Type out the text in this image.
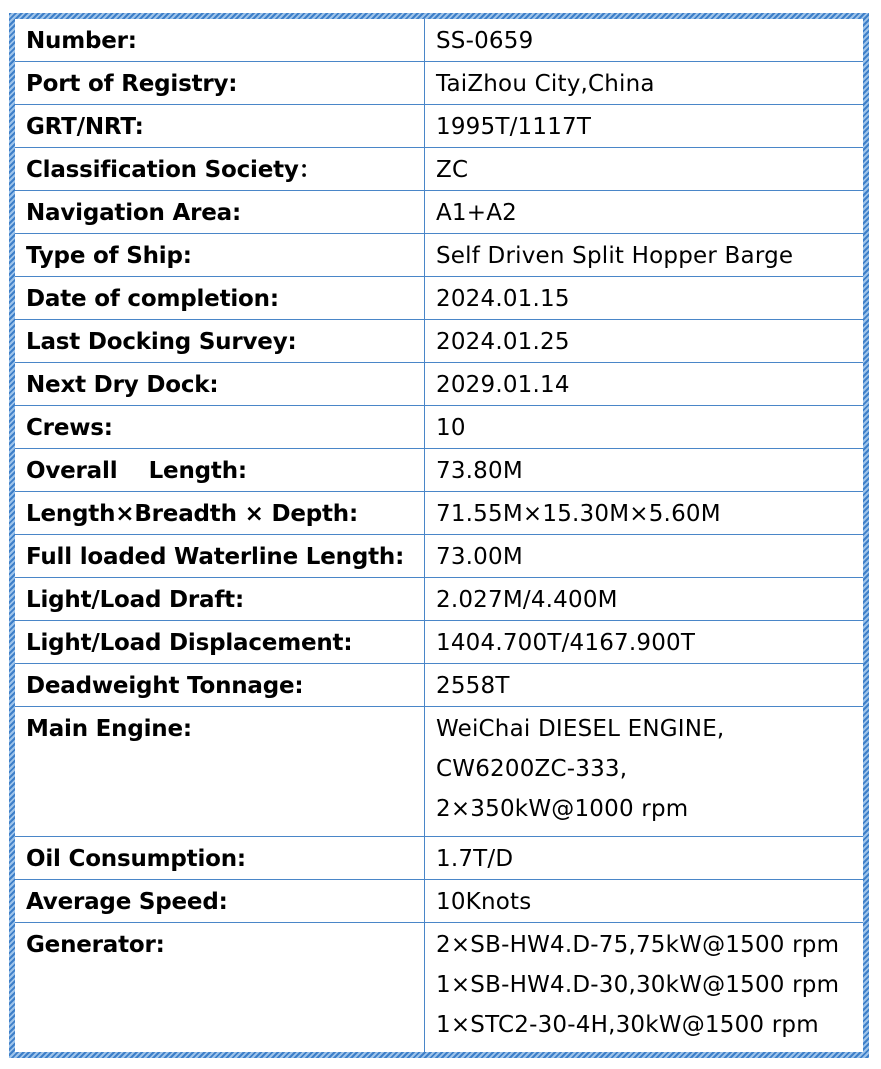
Number:	SS-0659
Port of Registry:	TaiZhou City,China
GRT/NRT:	1995T/1117T
Classification Society：	ZC
Navigation Area:	A1+A2
Type of Ship:	Self Driven Split Hopper Barge
Date of completion:	2024.01.15
Last Docking Survey:	2024.01.25
Next Dry Dock:	2029.01.14
Crews:	10
Overall    Length:	73.80M
Length×Breadth × Depth:	71.55M×15.30M×5.60M
Full loaded Waterline Length:	73.00M
Light/Load Draft:	2.027M/4.400M
Light/Load Displacement:	1404.700T/4167.900T
Deadweight Tonnage:	2558T
Main Engine:	WeiChai DIESEL ENGINE,
CW6200ZC-333,
2×350kW@1000 rpm

Oil Consumption:	1.7T/D
Average Speed:	10Knots
Generator:	2×SB-HW4.D-75,75kW@1500 rpm
1×SB-HW4.D-30,30kW@1500 rpm
1×STC2-30-4H,30kW@1500 rpm
